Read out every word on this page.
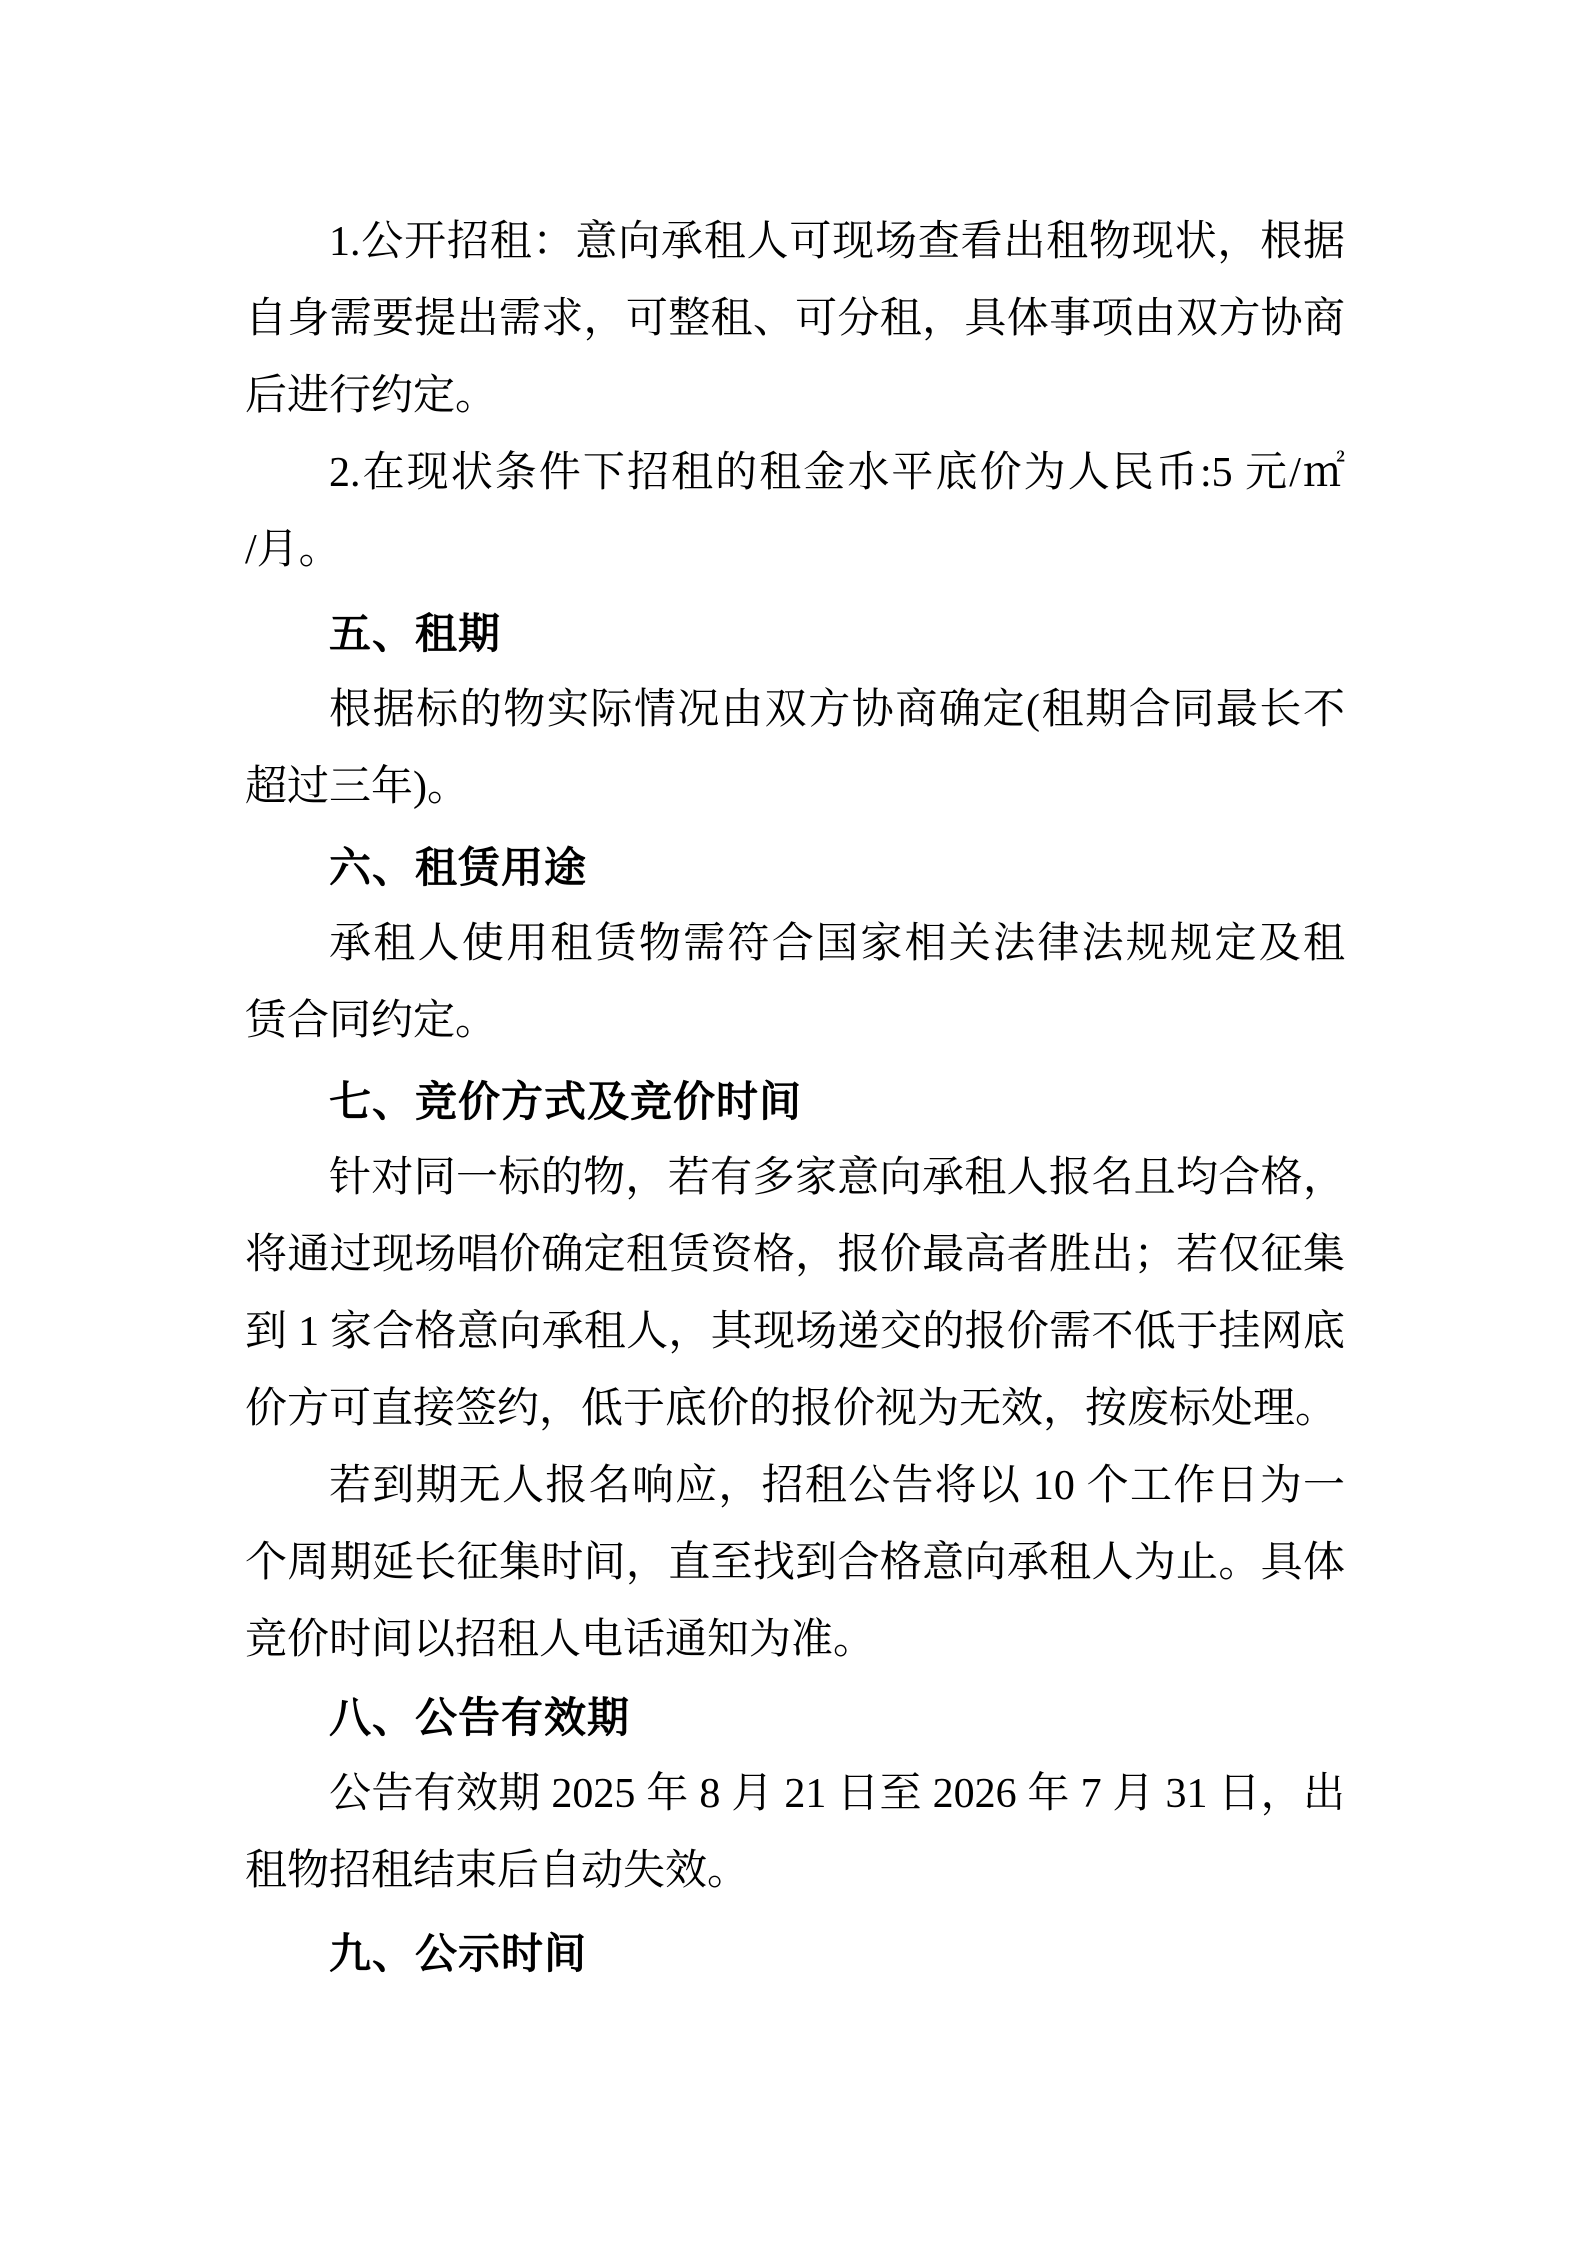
1.公开招租：意向承租人可现场查看出租物现状，根据
自身需要提出需求，可整租、可分租，具体事项由双方协商
后进行约定。
2.在现状条件下招租的租金水平底价为人民币:5 元/㎡
/月。
五、租期
根据标的物实际情况由双方协商确定(租期合同最长不
超过三年)。
六、租赁用途
承租人使用租赁物需符合国家相关法律法规规定及租
赁合同约定。
七、竞价方式及竞价时间
针对同一标的物，若有多家意向承租人报名且均合格，
将通过现场唱价确定租赁资格，报价最高者胜出；若仅征集
到 1 家合格意向承租人，其现场递交的报价需不低于挂网底
价方可直接签约，低于底价的报价视为无效，按废标处理。
若到期无人报名响应，招租公告将以 10 个工作日为一
个周期延长征集时间，直至找到合格意向承租人为止。具体
竞价时间以招租人电话通知为准。
八、公告有效期
公告有效期 2025 年 8 月 21 日至 2026 年 7 月 31 日，出
租物招租结束后自动失效。
九、公示时间
